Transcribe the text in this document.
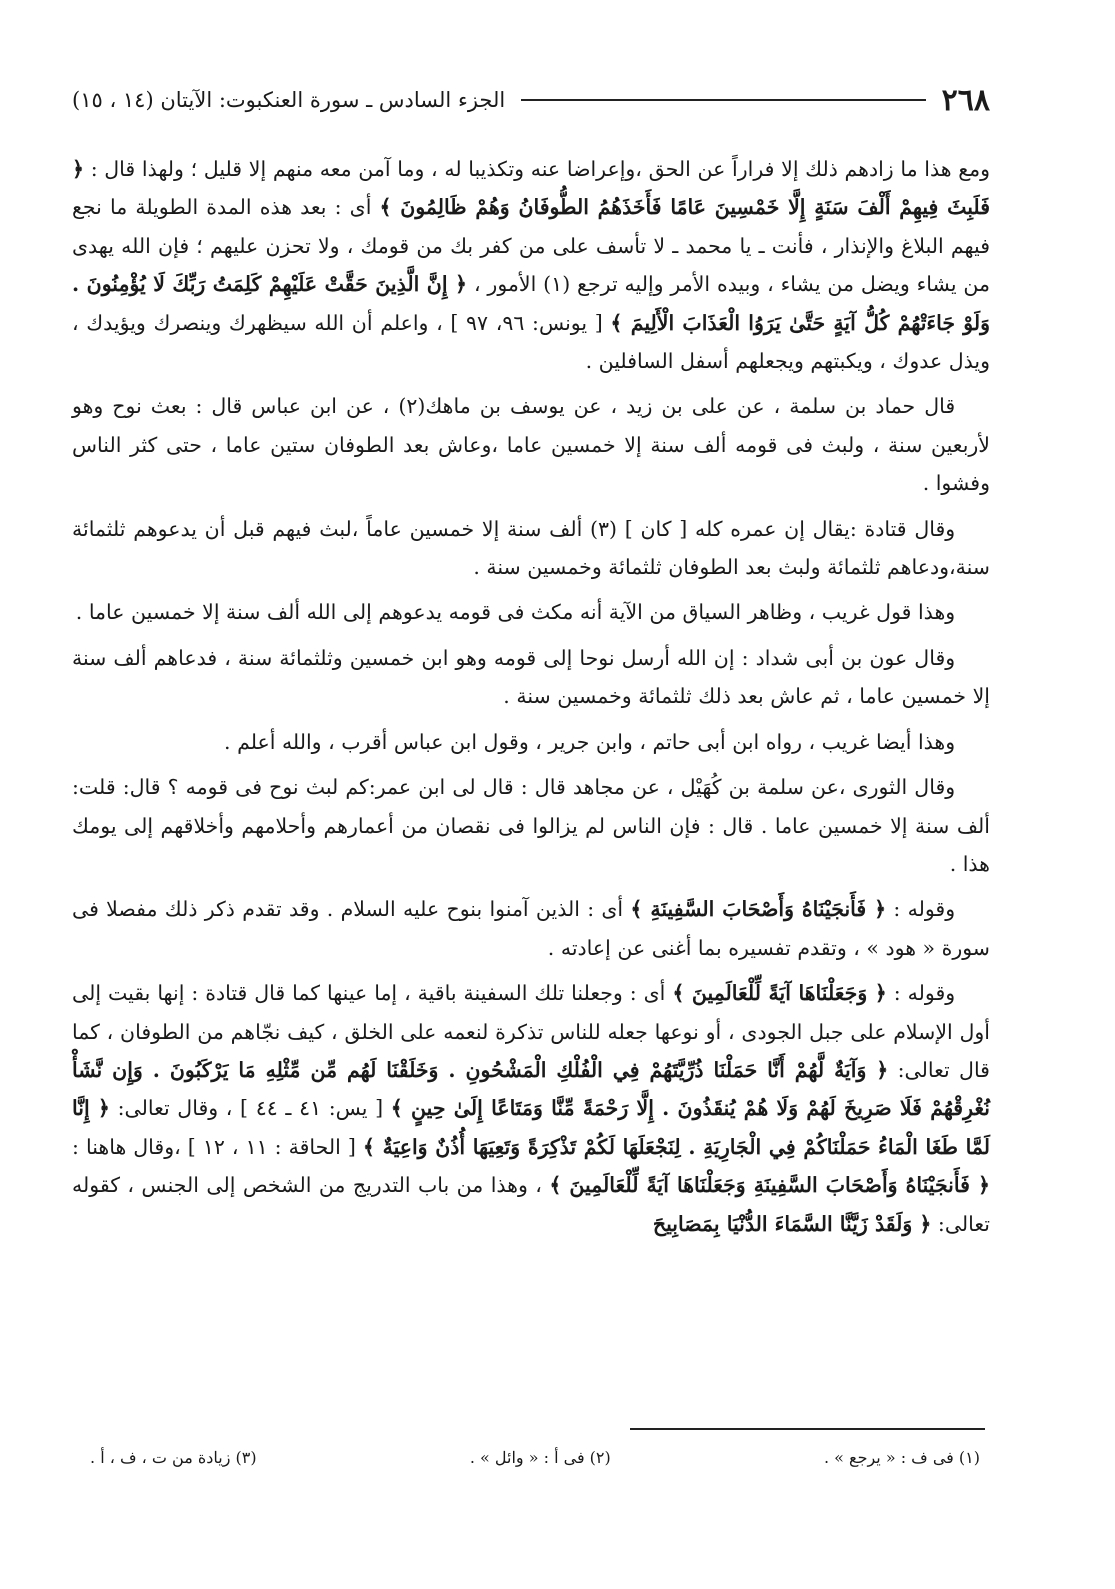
٢٦٨
الجزء السادس ـ سورة العنكبوت: الآيتان (١٤ ، ١٥)

ومع هذا ما زادهم ذلك إلا فراراً عن الحق ،وإعراضا عنه وتكذيبا له ، وما آمن معه منهم إلا قليل ؛ ولهذا قال : ﴿ فَلَبِثَ فِيهِمْ أَلْفَ سَنَةٍ إِلَّا خَمْسِينَ عَامًا فَأَخَذَهُمُ الطُّوفَانُ وَهُمْ ظَالِمُونَ ﴾ أى : بعد هذه المدة الطويلة ما نجع فيهم البلاغ والإنذار ، فأنت ـ يا محمد ـ لا تأسف على من كفر بك من قومك ، ولا تحزن عليهم ؛ فإن الله يهدى من يشاء ويضل من يشاء ، وبيده الأمر وإليه ترجع (١) الأمور ، ﴿ إِنَّ الَّذِينَ حَقَّتْ عَلَيْهِمْ كَلِمَتُ رَبِّكَ لَا يُؤْمِنُونَ . وَلَوْ جَاءَتْهُمْ كُلُّ آيَةٍ حَتَّىٰ يَرَوُا الْعَذَابَ الْأَلِيمَ ﴾ [ يونس: ٩٦، ٩٧ ] ، واعلم أن الله سيظهرك وينصرك ويؤيدك ، ويذل عدوك ، ويكبتهم ويجعلهم أسفل السافلين .

قال حماد بن سلمة ، عن على بن زيد ، عن يوسف بن ماهك(٢) ، عن ابن عباس قال : بعث نوح وهو لأربعين سنة ، ولبث فى قومه ألف سنة إلا خمسين عاما ،وعاش بعد الطوفان ستين عاما ، حتى كثر الناس وفشوا .

وقال قتادة :يقال إن عمره كله [ كان ] (٣) ألف سنة إلا خمسين عاماً ،لبث فيهم قبل أن يدعوهم ثلثمائة سنة،ودعاهم ثلثمائة ولبث بعد الطوفان ثلثمائة وخمسين سنة .

وهذا قول غريب ، وظاهر السياق من الآية أنه مكث فى قومه يدعوهم إلى الله ألف سنة إلا خمسين عاما .

وقال عون بن أبى شداد : إن الله أرسل نوحا إلى قومه وهو ابن خمسين وثلثمائة سنة ، فدعاهم ألف سنة إلا خمسين عاما ، ثم عاش بعد ذلك ثلثمائة وخمسين سنة .

وهذا أيضا غريب ، رواه ابن أبى حاتم ، وابن جرير ، وقول ابن عباس أقرب ، والله أعلم .

وقال الثورى ،عن سلمة بن كُهَيْل ، عن مجاهد قال : قال لى ابن عمر:كم لبث نوح فى قومه ؟ قال: قلت: ألف سنة إلا خمسين عاما . قال : فإن الناس لم يزالوا فى نقصان من أعمارهم وأحلامهم وأخلاقهم إلى يومك هذا .

وقوله : ﴿ فَأَنجَيْنَاهُ وَأَصْحَابَ السَّفِينَةِ ﴾ أى : الذين آمنوا بنوح عليه السلام . وقد تقدم ذكر ذلك مفصلا فى سورة « هود » ، وتقدم تفسيره بما أغنى عن إعادته .

وقوله : ﴿ وَجَعَلْنَاهَا آيَةً لِّلْعَالَمِينَ ﴾ أى : وجعلنا تلك السفينة باقية ، إما عينها كما قال قتادة : إنها بقيت إلى أول الإسلام على جبل الجودى ، أو نوعها جعله للناس تذكرة لنعمه على الخلق ، كيف نجّاهم من الطوفان ، كما قال تعالى: ﴿ وَآيَةٌ لَّهُمْ أَنَّا حَمَلْنَا ذُرِّيَّتَهُمْ فِي الْفُلْكِ الْمَشْحُونِ . وَخَلَقْنَا لَهُم مِّن مِّثْلِهِ مَا يَرْكَبُونَ . وَإِن نَّشَأْ نُغْرِقْهُمْ فَلَا صَرِيخَ لَهُمْ وَلَا هُمْ يُنقَذُونَ . إِلَّا رَحْمَةً مِّنَّا وَمَتَاعًا إِلَىٰ حِينٍ ﴾ [ يس: ٤١ ـ ٤٤ ] ، وقال تعالى: ﴿ إِنَّا لَمَّا طَغَا الْمَاءُ حَمَلْنَاكُمْ فِي الْجَارِيَةِ . لِنَجْعَلَهَا لَكُمْ تَذْكِرَةً وَتَعِيَهَا أُذُنٌ وَاعِيَةٌ ﴾ [ الحاقة : ١١ ، ١٢ ] ،وقال هاهنا : ﴿ فَأَنجَيْنَاهُ وَأَصْحَابَ السَّفِينَةِ وَجَعَلْنَاهَا آيَةً لِّلْعَالَمِينَ ﴾ ، وهذا من باب التدريج من الشخص إلى الجنس ، كقوله تعالى: ﴿ وَلَقَدْ زَيَّنَّا السَّمَاءَ الدُّنْيَا بِمَصَابِيحَ

(١) فى ف : « يرجع » .
(٢) فى أ : « وائل » .
(٣) زيادة من ت ، ف ، أ .
